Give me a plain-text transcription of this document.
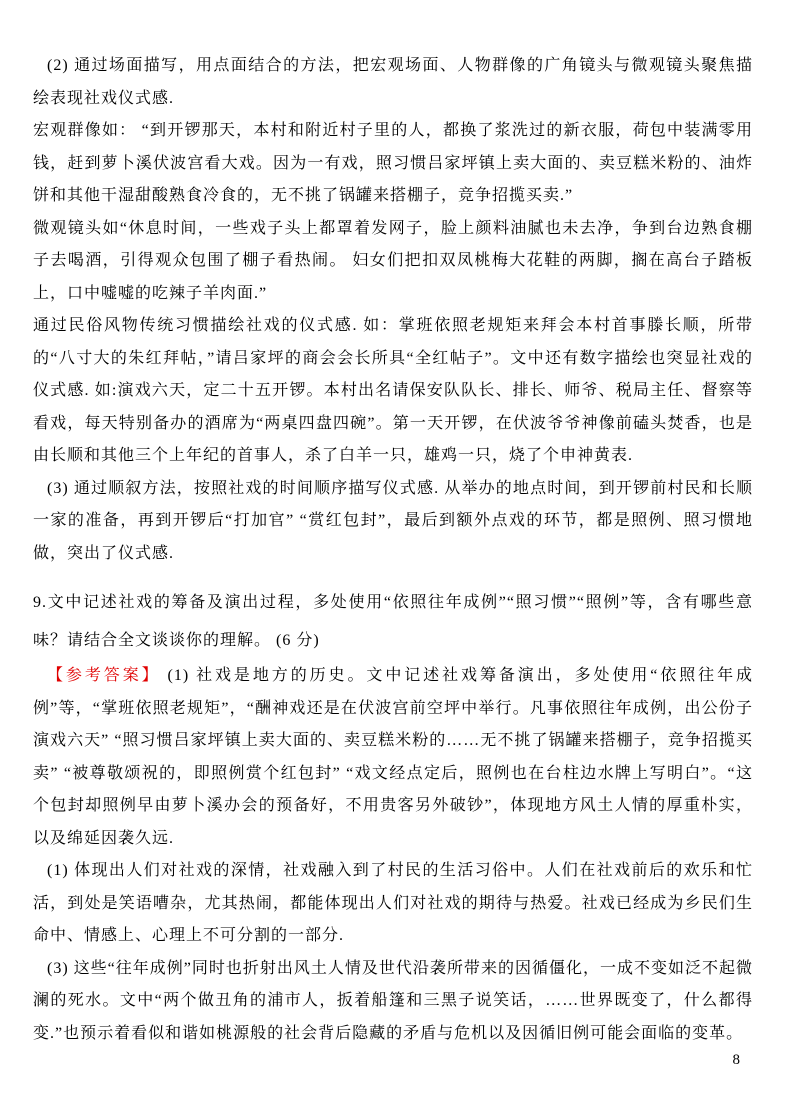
(2) 通过场面描写，用点面结合的方法，把宏观场面、人物群像的广角镜头与微观镜头聚焦描绘表现社戏仪式感.

宏观群像如： “到开锣那天，本村和附近村子里的人，都换了浆洗过的新衣服，荷包中装满零用钱，赶到萝卜溪伏波宫看大戏。因为一有戏，照习惯吕家坪镇上卖大面的、卖豆糕米粉的、油炸饼和其他干湿甜酸熟食冷食的，无不挑了锅罐来搭棚子，竞争招揽买卖.”

微观镜头如“休息时间，一些戏子头上都罩着发网子，脸上颜料油腻也未去净，争到台边熟食棚子去喝酒，引得观众包围了棚子看热闹。 妇女们把扣双凤桃梅大花鞋的两脚，搁在高台子踏板上，口中嘘嘘的吃辣子羊肉面.”

通过民俗风物传统习惯描绘社戏的仪式感. 如：掌班依照老规矩来拜会本村首事滕长顺，所带的“八寸大的朱红拜帖，”请吕家坪的商会会长所具“全红帖子”。文中还有数字描绘也突显社戏的仪式感. 如:演戏六天，定二十五开锣。本村出名请保安队队长、排长、师爷、税局主任、督察等看戏，每天特别备办的酒席为“两桌四盘四碗”。第一天开锣，在伏波爷爷神像前磕头焚香，也是由长顺和其他三个上年纪的首事人，杀了白羊一只，雄鸡一只，烧了个申神黄表.

(3) 通过顺叙方法，按照社戏的时间顺序描写仪式感. 从举办的地点时间，到开锣前村民和长顺一家的准备，再到开锣后“打加官” “赏红包封”，最后到额外点戏的环节，都是照例、照习惯地做，突出了仪式感.

9.文中记述社戏的筹备及演出过程，多处使用“依照往年成例”“照习惯”“照例”等，含有哪些意味？请结合全文谈谈你的理解。 (6 分)

【参考答案】 (1) 社戏是地方的历史。文中记述社戏筹备演出，多处使用“依照往年成例”等，“掌班依照老规矩”，“酬神戏还是在伏波宫前空坪中举行。凡事依照往年成例，出公份子演戏六天” “照习惯吕家坪镇上卖大面的、卖豆糕米粉的……无不挑了锅罐来搭棚子，竞争招揽买卖” “被尊敬颂祝的，即照例赏个红包封” “戏文经点定后，照例也在台柱边水牌上写明白”。“这个包封却照例早由萝卜溪办会的预备好，不用贵客另外破钞”，体现地方风土人情的厚重朴实，以及绵延因袭久远.

(1) 体现出人们对社戏的深情，社戏融入到了村民的生活习俗中。人们在社戏前后的欢乐和忙活，到处是笑语嘈杂，尤其热闹，都能体现出人们对社戏的期待与热爱。社戏已经成为乡民们生命中、情感上、心理上不可分割的一部分.

(3) 这些“往年成例”同时也折射出风土人情及世代沿袭所带来的因循僵化，一成不变如泛不起微澜的死水。文中“两个做丑角的浦市人，扳着船篷和三黑子说笑话，……世界既变了，什么都得变.”也预示着看似和谐如桃源般的社会背后隐藏的矛盾与危机以及因循旧例可能会面临的变革。

8
